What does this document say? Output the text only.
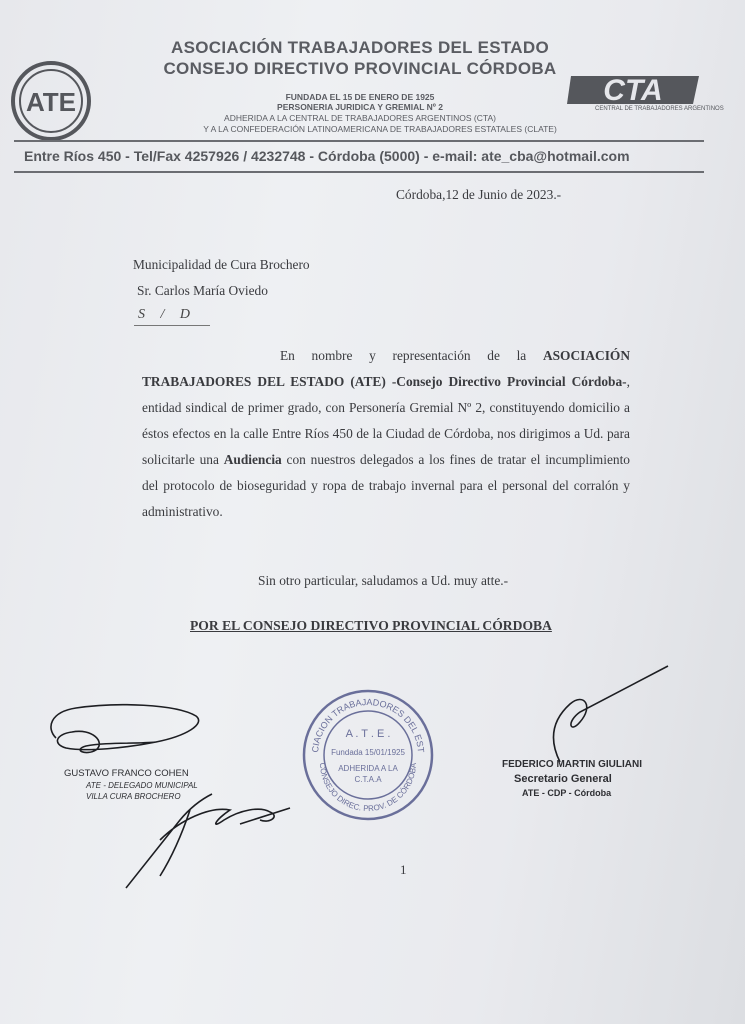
ATE
ASOCIACIÓN TRABAJADORES DEL ESTADO
CONSEJO DIRECTIVO PROVINCIAL CÓRDOBA
FUNDADA EL 15 DE ENERO DE 1925
PERSONERIA JURIDICA Y GREMIAL Nº 2
ADHERIDA A LA CENTRAL DE TRABAJADORES ARGENTINOS (CTA)
Y A LA CONFEDERACIÓN LATINOAMERICANA DE TRABAJADORES ESTATALES (CLATE)
CTA
CENTRAL DE TRABAJADORES ARGENTINOS
Entre Ríos 450 - Tel/Fax 4257926 / 4232748 - Córdoba (5000) - e-mail: ate_cba@hotmail.com
Córdoba,12 de Junio de 2023.-
Municipalidad de Cura Brochero
Sr. Carlos María Oviedo
S / D
En nombre y representación de la ASOCIACIÓN TRABAJADORES DEL ESTADO (ATE) -Consejo Directivo Provincial Córdoba-, entidad sindical de primer grado, con Personería Gremial Nº 2, constituyendo domicilio a éstos efectos en la calle Entre Ríos 450 de la Ciudad de Córdoba, nos dirigimos a Ud. para solicitarle una Audiencia con nuestros delegados a los fines de tratar el incumplimiento del protocolo de bioseguridad y ropa de trabajo invernal para el personal del corralón y administrativo.
Sin otro particular, saludamos a Ud. muy atte.-
POR EL CONSEJO DIRECTIVO PROVINCIAL CÓRDOBA
GUSTAVO FRANCO COHEN
ATE - DELEGADO MUNICIPAL
VILLA CURA BROCHERO
CIACION TRABAJADORES DEL EST
CONSEJO DIREC. PROV. DE CÓRDOBA
A . T . E .
Fundada 15/01/1925
ADHERIDA A LA
C.T.A.A
FEDERICO MARTIN GIULIANI
Secretario General
ATE - CDP - Córdoba
1
